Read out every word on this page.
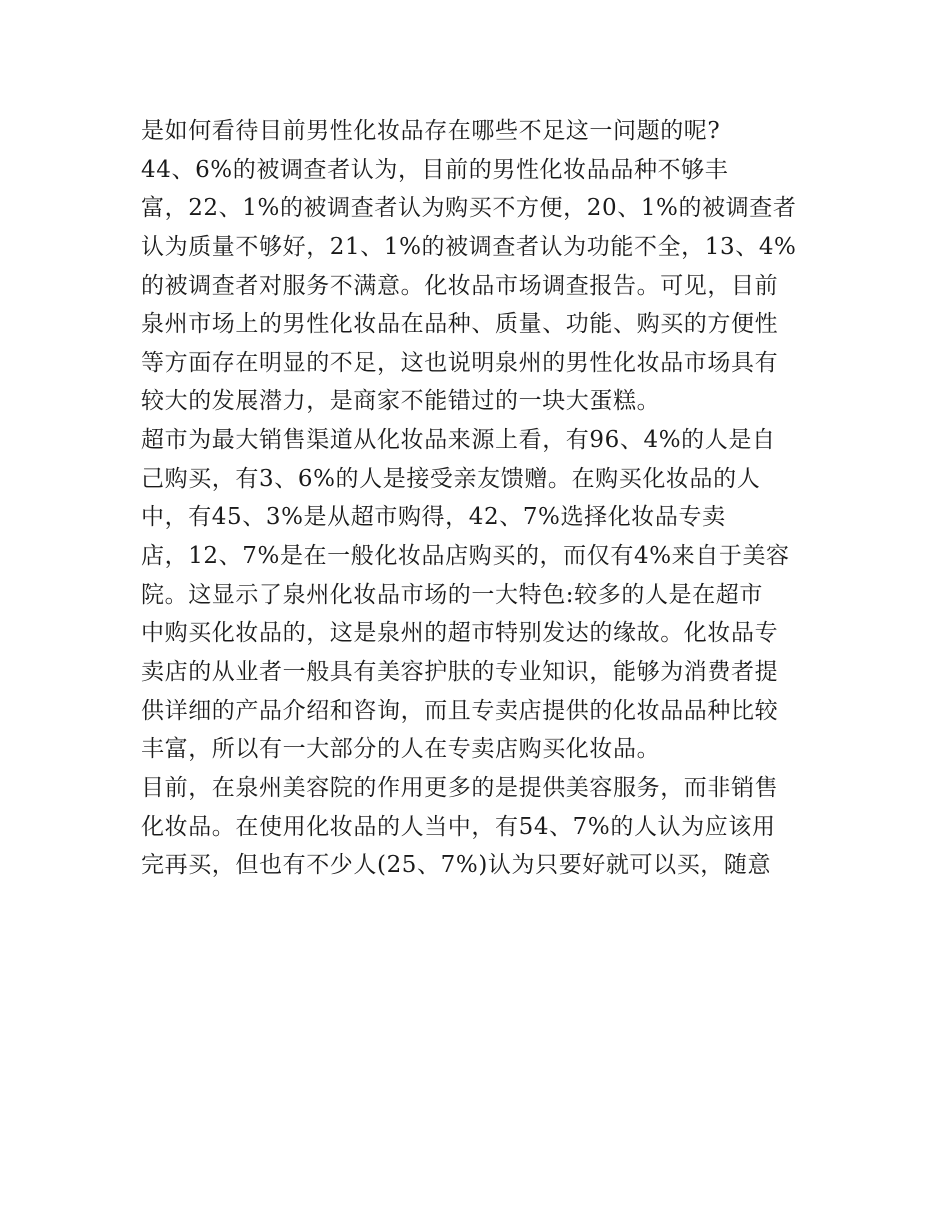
是如何看待目前男性化妆品存在哪些不足这一问题的呢?
44、6%的被调查者认为，目前的男性化妆品品种不够丰
富，22、1%的被调查者认为购买不方便，20、1%的被调查者
认为质量不够好，21、1%的被调查者认为功能不全，13、4%
的被调查者对服务不满意。化妆品市场调查报告。可见，目前
泉州市场上的男性化妆品在品种、质量、功能、购买的方便性
等方面存在明显的不足，这也说明泉州的男性化妆品市场具有
较大的发展潜力，是商家不能错过的一块大蛋糕。
超市为最大销售渠道从化妆品来源上看，有96、4%的人是自
己购买，有3、6%的人是接受亲友馈赠。在购买化妆品的人
中，有45、3%是从超市购得，42、7%选择化妆品专卖
店，12、7%是在一般化妆品店购买的，而仅有4%来自于美容
院。这显示了泉州化妆品市场的一大特色:较多的人是在超市
中购买化妆品的，这是泉州的超市特别发达的缘故。化妆品专
卖店的从业者一般具有美容护肤的专业知识，能够为消费者提
供详细的产品介绍和咨询，而且专卖店提供的化妆品品种比较
丰富，所以有一大部分的人在专卖店购买化妆品。
目前，在泉州美容院的作用更多的是提供美容服务，而非销售
化妆品。在使用化妆品的人当中，有54、7%的人认为应该用
完再买，但也有不少人(25、7%)认为只要好就可以买，随意
